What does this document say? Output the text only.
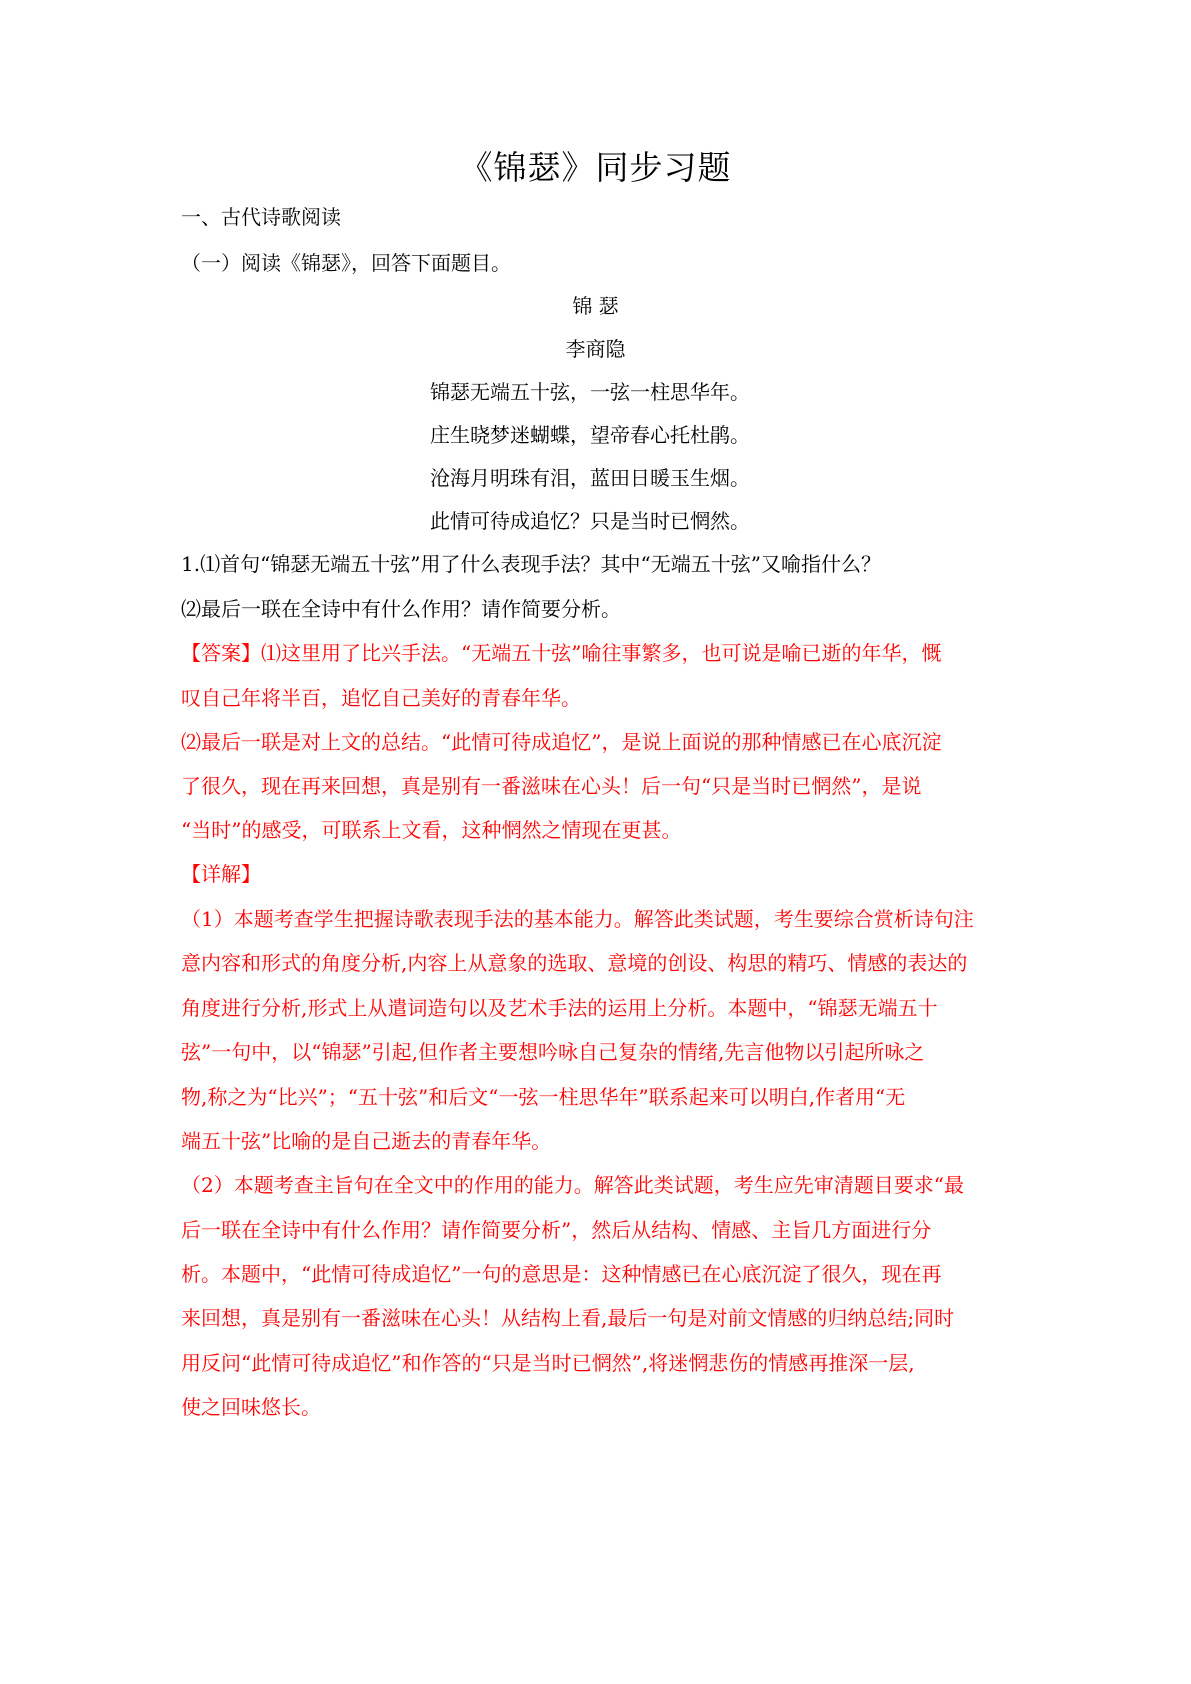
《锦瑟》同步习题
一、古代诗歌阅读
（一）阅读《锦瑟》，回答下面题目。
锦 瑟
李商隐
锦瑟无端五十弦，一弦一柱思华年。
庄生晓梦迷蝴蝶，望帝春心托杜鹃。
沧海月明珠有泪，蓝田日暖玉生烟。
此情可待成追忆？只是当时已惘然。
1.⑴首句“锦瑟无端五十弦”用了什么表现手法？其中“无端五十弦”又喻指什么？
⑵最后一联在全诗中有什么作用？请作简要分析。
【答案】⑴这里用了比兴手法。“无端五十弦”喻往事繁多，也可说是喻已逝的年华，慨
叹自己年将半百，追忆自己美好的青春年华。
⑵最后一联是对上文的总结。“此情可待成追忆”，是说上面说的那种情感已在心底沉淀
了很久，现在再来回想，真是别有一番滋味在心头！后一句“只是当时已惘然”，是说
“当时”的感受，可联系上文看，这种惘然之情现在更甚。
【详解】
（1）本题考查学生把握诗歌表现手法的基本能力。解答此类试题，考生要综合赏析诗句注
意内容和形式的角度分析,内容上从意象的选取、意境的创设、构思的精巧、情感的表达的
角度进行分析,形式上从遣词造句以及艺术手法的运用上分析。本题中，“锦瑟无端五十
弦”一句中，以“锦瑟”引起,但作者主要想吟咏自己复杂的情绪,先言他物以引起所咏之
物,称之为“比兴”；“五十弦”和后文“一弦一柱思华年”联系起来可以明白,作者用“无
端五十弦”比喻的是自己逝去的青春年华。
（2）本题考查主旨句在全文中的作用的能力。解答此类试题，考生应先审清题目要求“最
后一联在全诗中有什么作用？请作简要分析”，然后从结构、情感、主旨几方面进行分
析。本题中，“此情可待成追忆”一句的意思是：这种情感已在心底沉淀了很久，现在再
来回想，真是别有一番滋味在心头！从结构上看,最后一句是对前文情感的归纳总结;同时
用反问“此情可待成追忆”和作答的“只是当时已惘然”,将迷惘悲伤的情感再推深一层,
使之回味悠长。
